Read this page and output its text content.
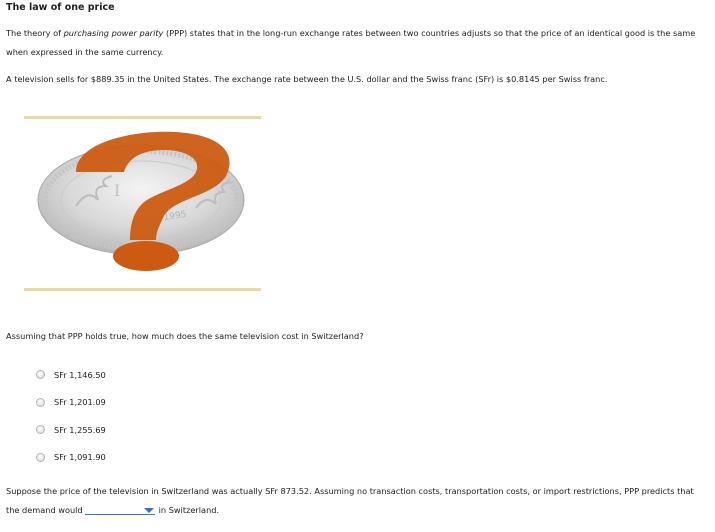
The law of one price
The theory of purchasing power parity (PPP) states that in the long-run exchange rates between two countries adjusts so that the price of an identical good is the same when expressed in the same currency.
A television sells for $889.35 in the United States. The exchange rate between the U.S. dollar and the Swiss franc (SFr) is $0.8145 per Swiss franc.
1995
I
Assuming that PPP holds true, how much does the same television cost in Switzerland?
SFr 1,146.50
SFr 1,201.09
SFr 1,255.69
SFr 1,091.90
Suppose the price of the television in Switzerland was actually SFr 873.52. Assuming no transaction costs, transportation costs, or import restrictions, PPP predicts that the demand would	in Switzerland.
